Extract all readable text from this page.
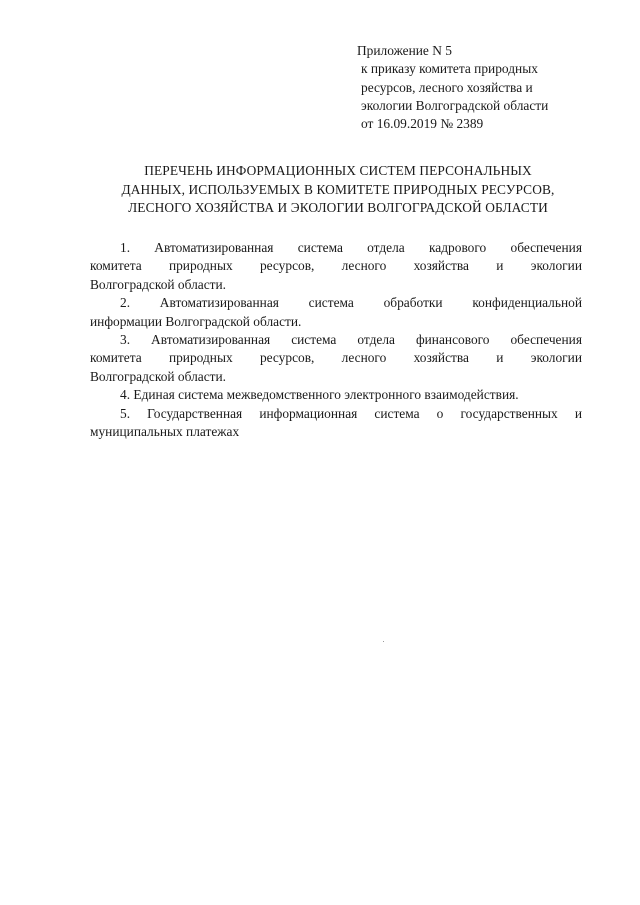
Приложение N 5
к приказу комитета природных
ресурсов, лесного хозяйства и
экологии Волгоградской области
от 16.09.2019 № 2389
ПЕРЕЧЕНЬ ИНФОРМАЦИОННЫХ СИСТЕМ ПЕРСОНАЛЬНЫХ
ДАННЫХ, ИСПОЛЬЗУЕМЫХ В КОМИТЕТЕ ПРИРОДНЫХ РЕСУРСОВ,
ЛЕСНОГО ХОЗЯЙСТВА И ЭКОЛОГИИ ВОЛГОГРАДСКОЙ ОБЛАСТИ
1. Автоматизированная система отдела кадрового обеспечения
комитета природных ресурсов, лесного хозяйства и экологии
Волгоградской области.
2. Автоматизированная система обработки конфиденциальной
информации Волгоградской области.
3. Автоматизированная система отдела финансового обеспечения
комитета природных ресурсов, лесного хозяйства и экологии
Волгоградской области.
4. Единая система межведомственного электронного взаимодействия.
5. Государственная информационная система о государственных и
муниципальных платежах
